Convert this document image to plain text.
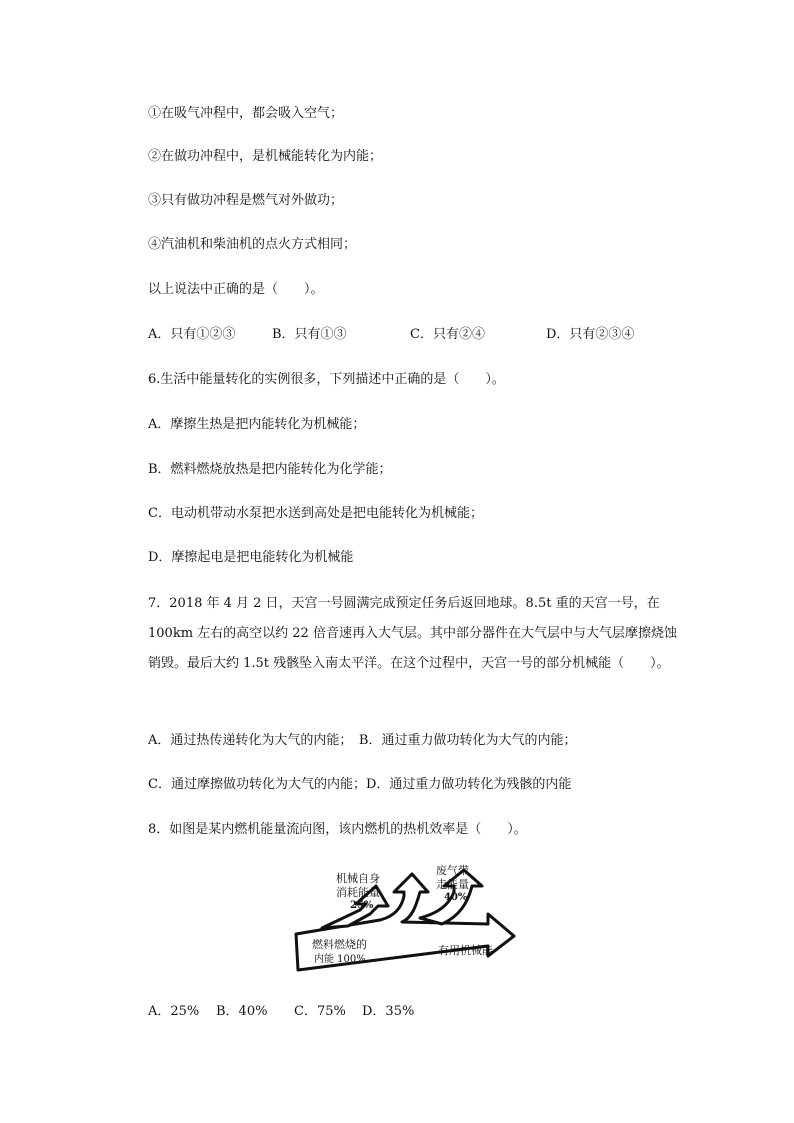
①在吸气冲程中，都会吸入空气；
②在做功冲程中，是机械能转化为内能；
③只有做功冲程是燃气对外做功；
④汽油机和柴油机的点火方式相同；
以上说法中正确的是（　　）。
A．只有①②③	B．只有①③	C．只有②④	D．只有②③④
6.生活中能量转化的实例很多，下列描述中正确的是（　　）。
A．摩擦生热是把内能转化为机械能；
B．燃料燃烧放热是把内能转化为化学能；
C．电动机带动水泵把水送到高处是把电能转化为机械能；
D．摩擦起电是把电能转化为机械能
7．2018 年 4 月 2 日，天宫一号圆满完成预定任务后返回地球。8.5t 重的天宫一号，在 100km 左右的高空以约 22 倍音速再入大气层。其中部分器件在大气层中与大气层摩擦烧蚀销毁。最后大约 1.5t 残骸坠入南太平洋。在这个过程中，天宫一号的部分机械能（　　）。
A．通过热传递转化为大气的内能；　B．通过重力做功转化为大气的内能；
C．通过摩擦做功转化为大气的内能；D．通过重力做功转化为残骸的内能
8．如图是某内燃机能量流向图，该内燃机的热机效率是（　　）。
机械自身
消耗能量
25%
废气带
走能量
40%
燃料燃烧的
内能 100%
有用机械能
A．25% B．40% C．75% D．35%
